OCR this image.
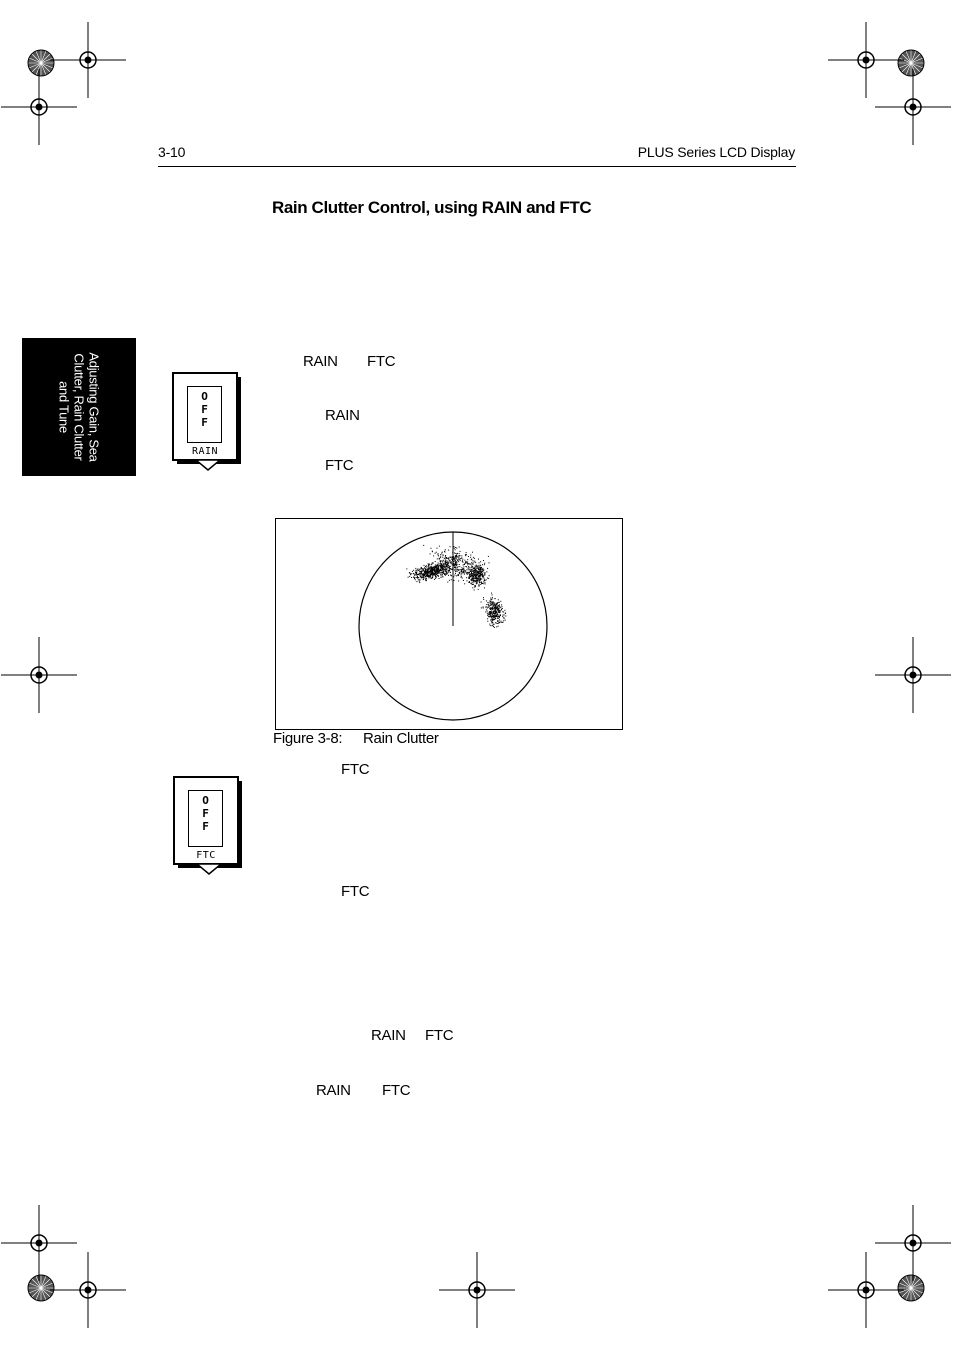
3-10	PLUS Series LCD Display
Rain Clutter Control, using RAIN and FTC
Adjusting Gain, Sea Clutter, Rain Clutter and Tune	OFF
RAIN
RAIN FTC
RAIN
FTC
Figure 3-8: Rain Clutter
OFF
FTC
FTC
FTC
RAIN FTC
RAIN FTC
